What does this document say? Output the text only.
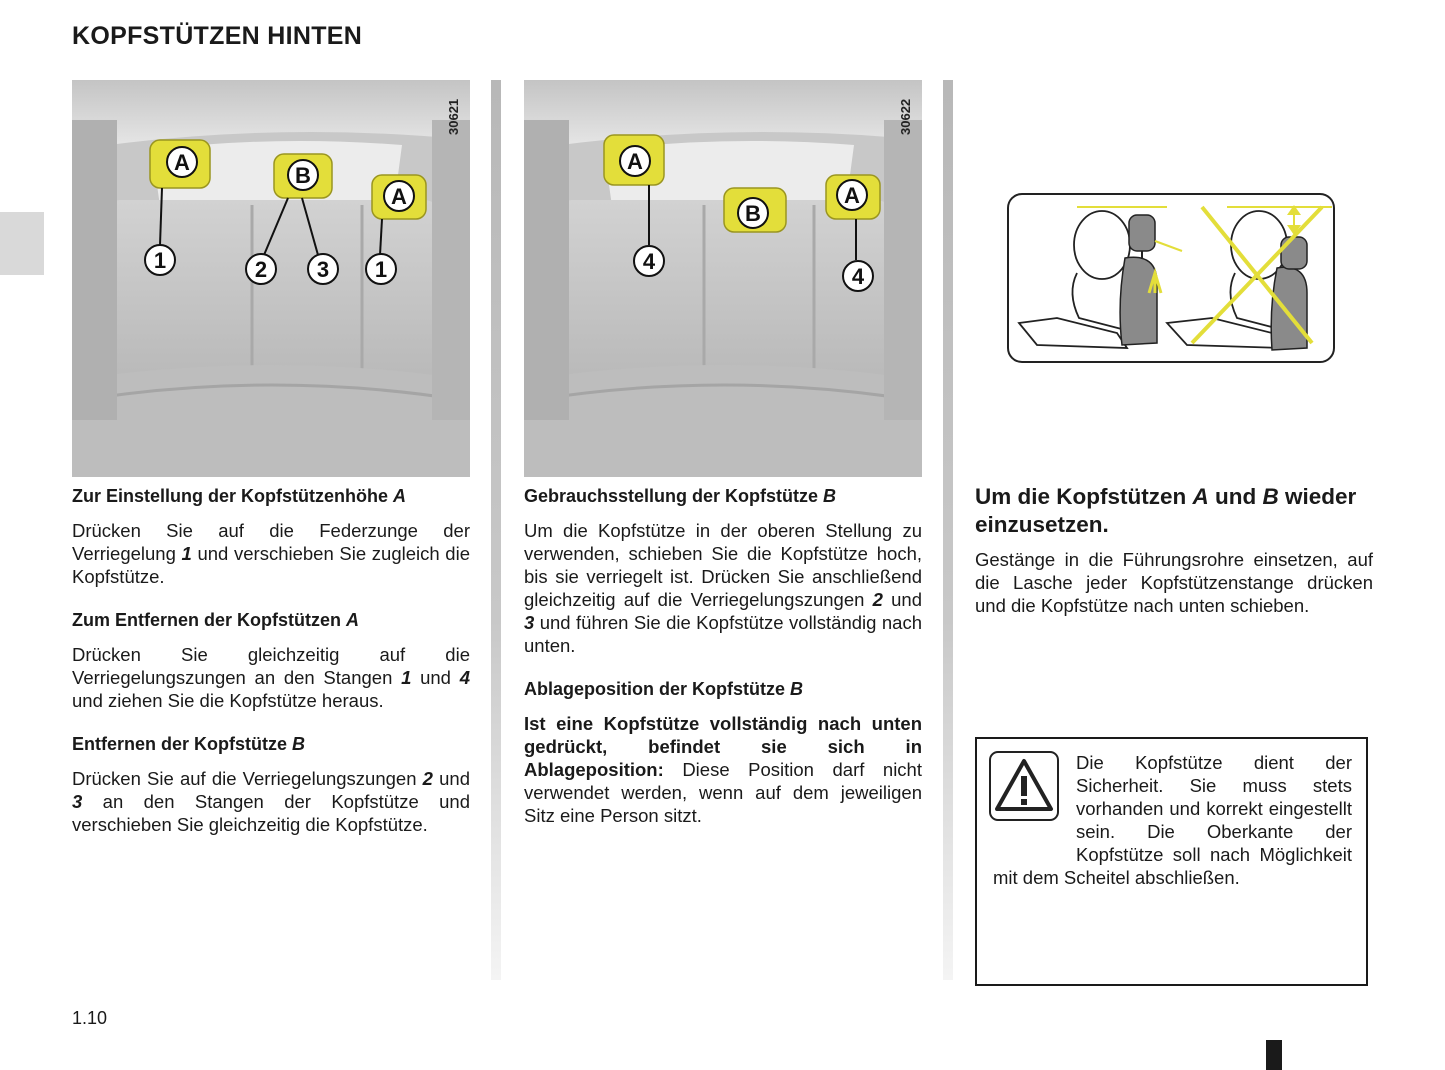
KOPFSTÜTZEN HINTEN
A
B
A
1	2 3 1
30621
Zur Einstellung der Kopfstützenhöhe A

Drücken Sie auf die Federzunge der Verriegelung 1 und verschieben Sie zugleich die Kopfstütze.

Zum Entfernen der Kopfstützen A

Drücken Sie gleichzeitig auf die Verriegelungszungen an den Stangen 1 und 4 und ziehen Sie die Kopfstütze heraus.

Entfernen der Kopfstütze B

Drücken Sie auf die Verriegelungszungen 2 und 3 an den Stangen der Kopfstütze und verschieben Sie gleichzeitig die Kopfstütze.

A
B
A
4
4
30622
Gebrauchsstellung der Kopfstütze B

Um die Kopfstütze in der oberen Stellung zu verwenden, schieben Sie die Kopfstütze hoch, bis sie verriegelt ist. Drücken Sie anschließend gleichzeitig auf die Verriegelungszungen 2 und 3 und führen Sie die Kopfstütze vollständig nach unten.

Ablageposition der Kopfstütze B

Ist eine Kopfstütze vollständig nach unten gedrückt, befindet sie sich in Ablageposition: Diese Position darf nicht verwendet werden, wenn auf dem jeweiligen Sitz eine Person sitzt.

Um die Kopfstützen A und B wieder einzusetzen.

Gestänge in die Führungsrohre einsetzen, auf die Lasche jeder Kopfstützenstange drücken und die Kopfstütze nach unten schieben.

Die Kopfstütze dient der Sicherheit. Sie muss stets vorhanden und korrekt eingestellt sein. Die Oberkante der Kopfstütze soll nach Möglichkeit mit dem Scheitel abschließen.
1.10
